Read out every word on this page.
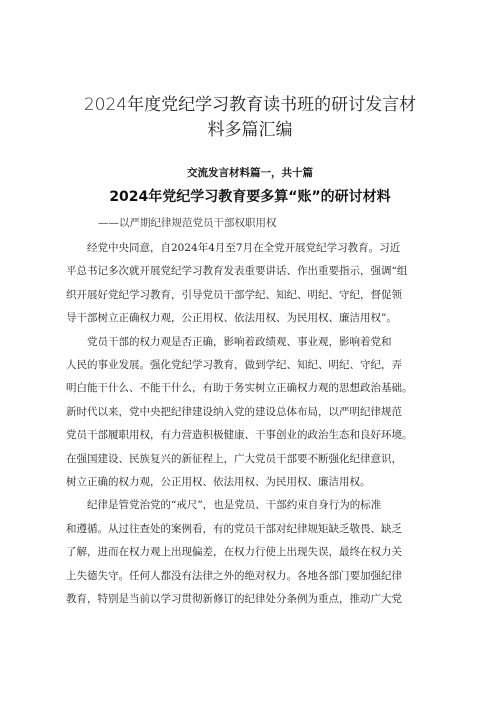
2024年度党纪学习教育读书班的研讨发言材
料多篇汇编
交流发言材料篇一，共十篇
2024年党纪学习教育要多算“账”的研讨材料
——以严期纪律规范党员干部权职用权

经党中央同意，自2024年4月至7月在全党开展党纪学习教育。习近
平总书记多次就开展党纪学习教育发表重要讲话、作出重要指示，强调“组
织开展好党纪学习教育，引导党员干部学纪、知纪、明纪、守纪，督促领
导干部树立正确权力观，公正用权、依法用权、为民用权、廉洁用权”。

党员干部的权力观是否正确，影响着政绩观、事业观，影响着党和
人民的事业发展。强化党纪学习教育，做到学纪、知纪、明纪、守纪，弄
明白能干什么、不能干什么，有助于务实树立正确权力观的思想政治基础。
新时代以来，党中央把纪律建设纳入党的建设总体布局，以严明纪律规范
党员干部履职用权，有力营造积极健康、干事创业的政治生态和良好环境。
在强国建设、民族复兴的新征程上，广大党员干部要不断强化纪律意识，
树立正确的权力观，公正用权、依法用权、为民用权、廉洁用权。

纪律是管党治党的“戒尺”，也是党员、干部约束自身行为的标准
和遵循。从过往查处的案例看，有的党员干部对纪律规矩缺乏敬畏、缺乏
了解，进而在权力观上出现偏差，在权力行使上出现失误，最终在权力关
上失德失守。任何人都没有法律之外的绝对权力。各地各部门要加强纪律
教育，特别是当前以学习贯彻新修订的纪律处分条例为重点，推动广大党
